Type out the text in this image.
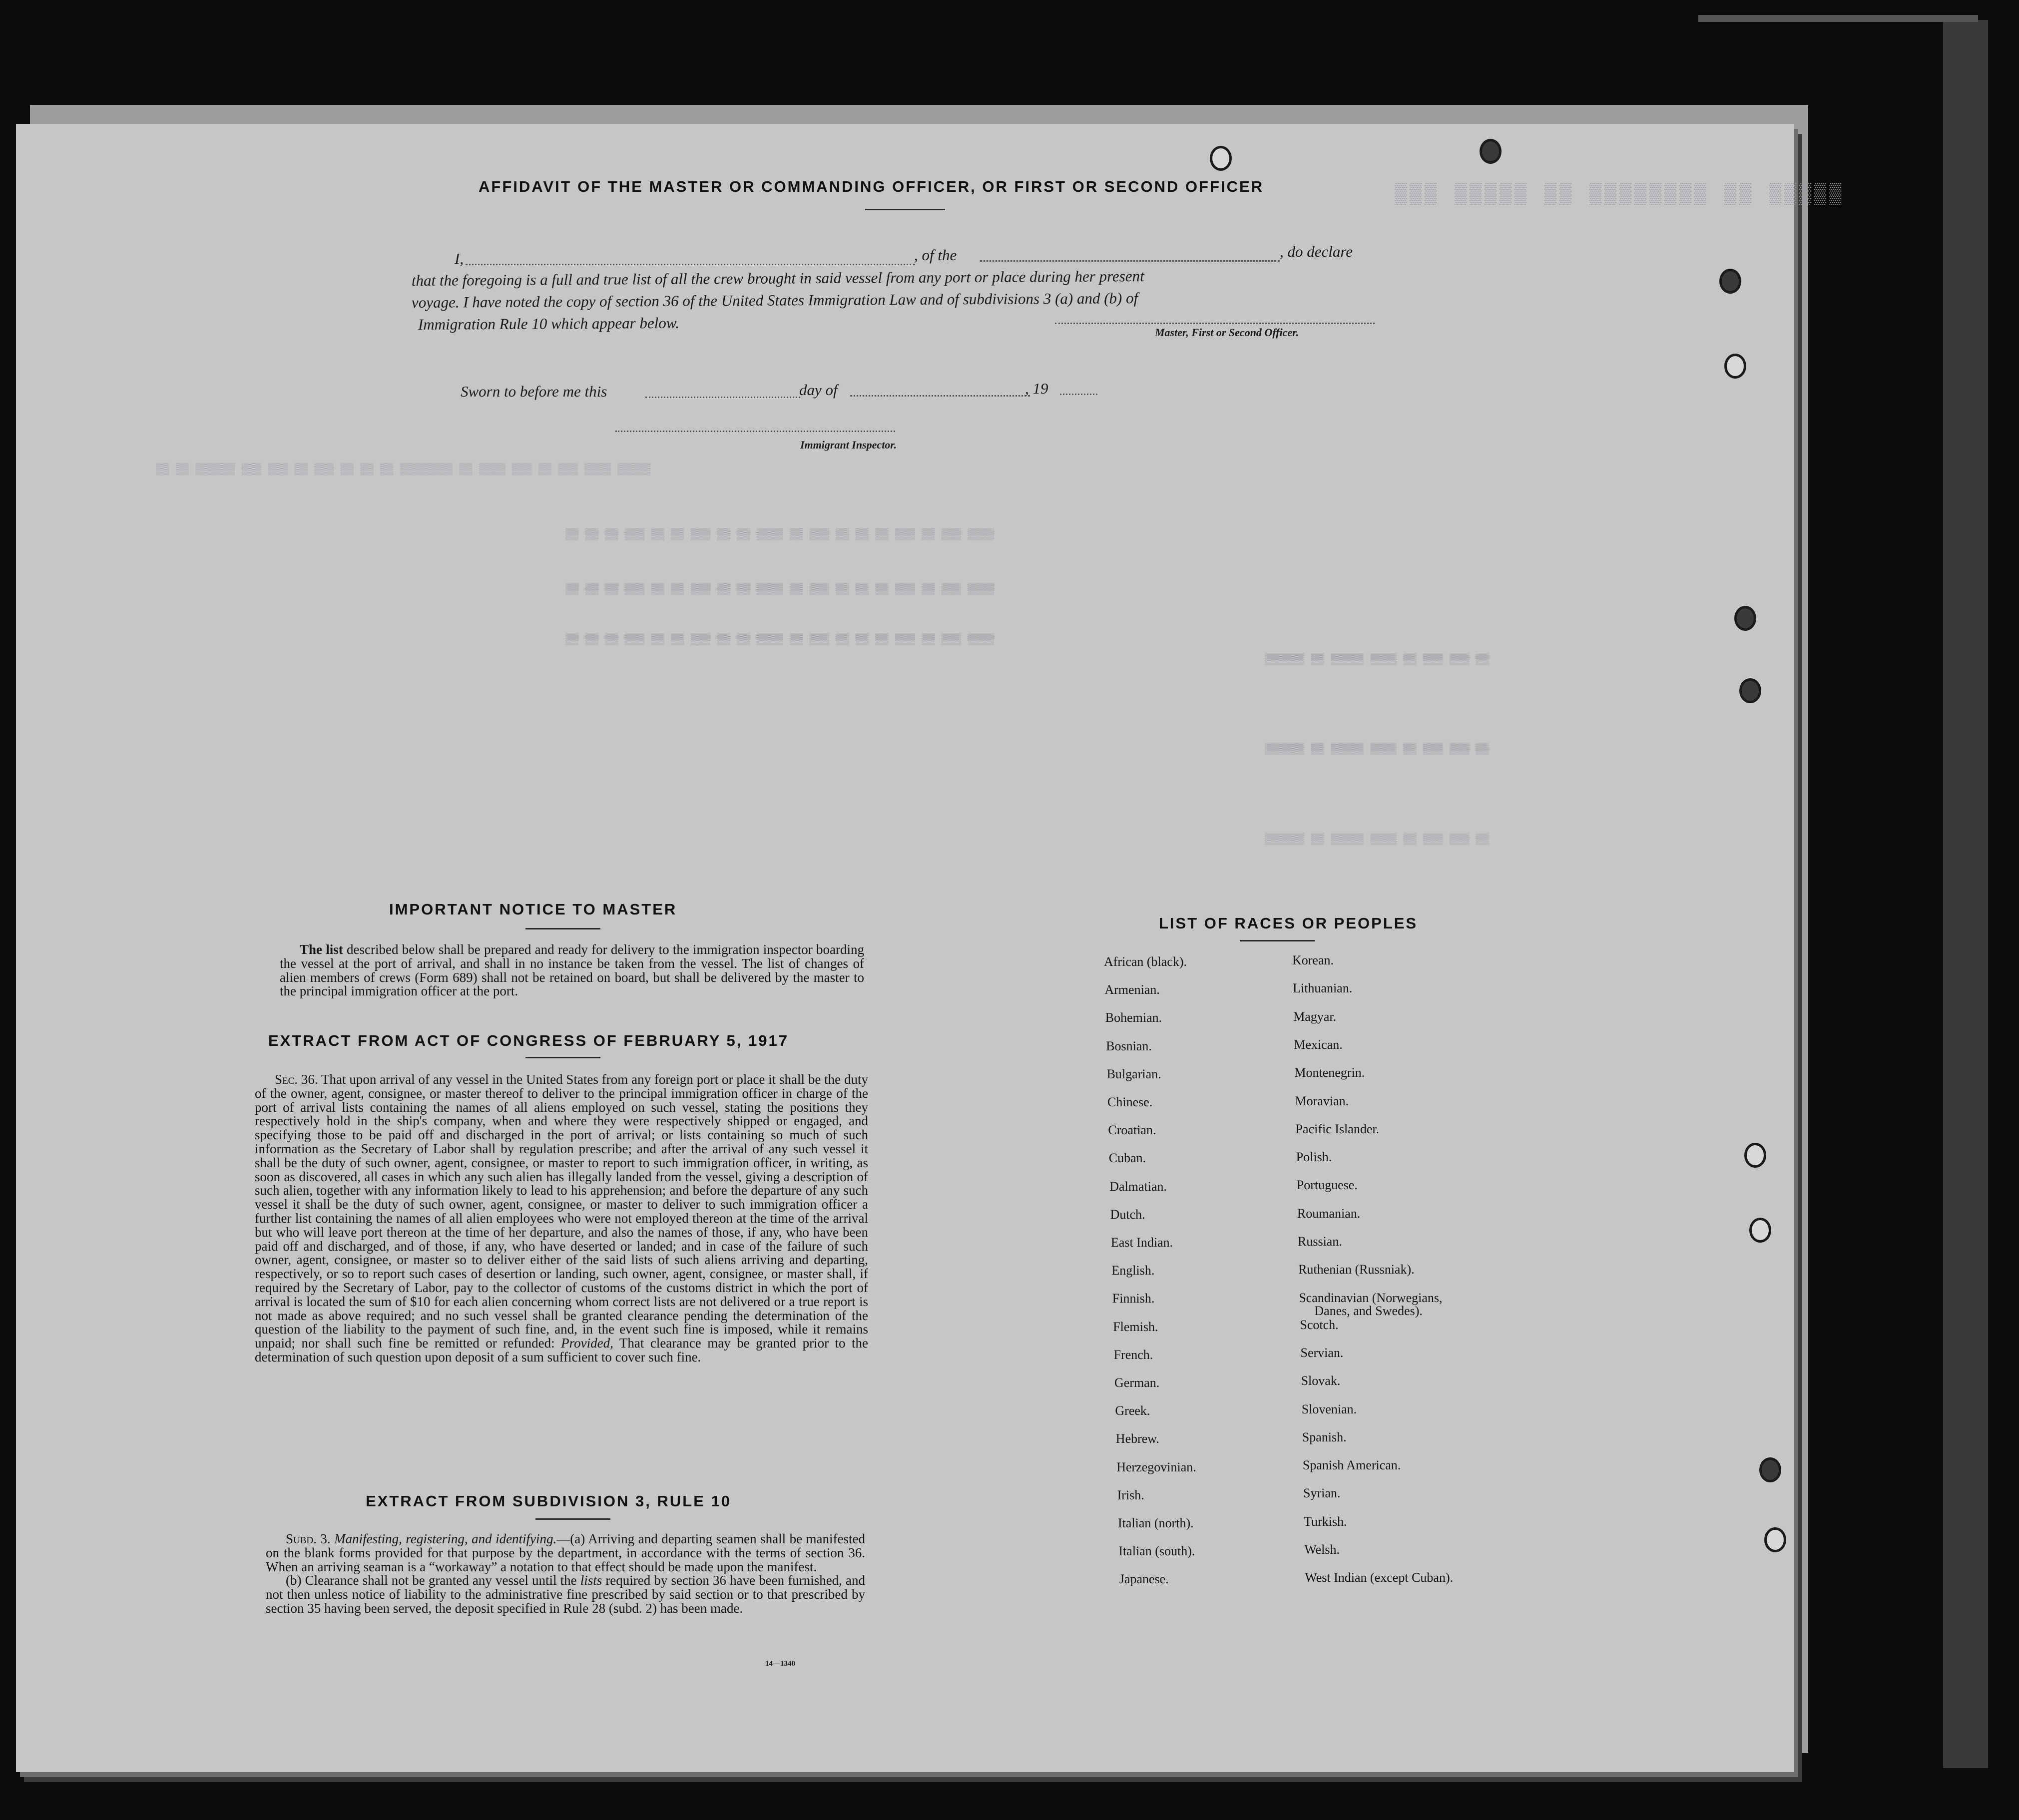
▒▒▒ ▒▒▒▒▒ ▒▒ ▒▒▒▒▒▒▒▒ ▒▒ ▒▒▒▒▒
▒▒ ▒▒ ▒▒▒▒▒▒ ▒▒▒ ▒▒▒ ▒▒ ▒▒▒ ▒▒ ▒▒ ▒▒ ▒▒▒▒▒▒▒▒ ▒▒ ▒▒▒▒ ▒▒▒ ▒▒ ▒▒▒ ▒▒▒▒ ▒▒▒▒▒
▒▒ ▒▒ ▒▒ ▒▒▒ ▒▒ ▒▒ ▒▒▒ ▒▒ ▒▒ ▒▒▒▒ ▒▒ ▒▒▒ ▒▒ ▒▒ ▒▒ ▒▒▒ ▒▒ ▒▒▒ ▒▒▒▒
▒▒ ▒▒ ▒▒ ▒▒▒ ▒▒ ▒▒ ▒▒▒ ▒▒ ▒▒ ▒▒▒▒ ▒▒ ▒▒▒ ▒▒ ▒▒ ▒▒ ▒▒▒ ▒▒ ▒▒▒ ▒▒▒▒
▒▒ ▒▒ ▒▒ ▒▒▒ ▒▒ ▒▒ ▒▒▒ ▒▒ ▒▒ ▒▒▒▒ ▒▒ ▒▒▒ ▒▒ ▒▒ ▒▒ ▒▒▒ ▒▒ ▒▒▒ ▒▒▒▒
▒▒▒▒▒▒ ▒▒ ▒▒▒▒▒ ▒▒▒▒ ▒▒ ▒▒▒ ▒▒▒ ▒▒
▒▒▒▒▒▒ ▒▒ ▒▒▒▒▒ ▒▒▒▒ ▒▒ ▒▒▒ ▒▒▒ ▒▒
▒▒▒▒▒▒ ▒▒ ▒▒▒▒▒ ▒▒▒▒ ▒▒ ▒▒▒ ▒▒▒ ▒▒
AFFIDAVIT OF THE MASTER OR COMMANDING OFFICER, OR FIRST OR SECOND OFFICER
I,	, of the	, do declare
that the foregoing is a full and true list of all the crew brought in said vessel from any port or place during her present
voyage. I have noted the copy of section 36 of the United States Immigration Law and of subdivisions 3 (a) and (b) of
Immigration Rule 10 which appear below.	Master, First or Second Officer.
Sworn to before me this	day of	, 19
Immigrant Inspector.
IMPORTANT NOTICE TO MASTER

The list described below shall be prepared and ready for delivery to the immigration inspector boarding the vessel at the port of arrival, and shall in no instance be taken from the vessel. The list of changes of alien members of crews (Form 689) shall not be retained on board, but shall be delivered by the master to the principal immigration officer at the port.

EXTRACT FROM ACT OF CONGRESS OF FEBRUARY 5, 1917

Sec. 36. That upon arrival of any vessel in the United States from any foreign port or place it shall be the duty of the owner, agent, consignee, or master thereof to deliver to the principal immigration officer in charge of the port of arrival lists containing the names of all aliens employed on such vessel, stating the positions they respectively hold in the ship's company, when and where they were respectively shipped or engaged, and specifying those to be paid off and discharged in the port of arrival; or lists containing so much of such information as the Secretary of Labor shall by regulation prescribe; and after the arrival of any such vessel it shall be the duty of such owner, agent, consignee, or master to report to such immigration officer, in writing, as soon as discovered, all cases in which any such alien has illegally landed from the vessel, giving a description of such alien, together with any information likely to lead to his apprehension; and before the departure of any such vessel it shall be the duty of such owner, agent, consignee, or master to deliver to such immigration officer a further list containing the names of all alien employees who were not employed thereon at the time of the arrival but who will leave port thereon at the time of her departure, and also the names of those, if any, who have been paid off and discharged, and of those, if any, who have deserted or landed; and in case of the failure of such owner, agent, consignee, or master so to deliver either of the said lists of such aliens arriving and departing, respectively, or so to report such cases of desertion or landing, such owner, agent, consignee, or master shall, if required by the Secretary of Labor, pay to the collector of customs of the customs district in which the port of arrival is located the sum of $10 for each alien concerning whom correct lists are not delivered or a true report is not made as above required; and no such vessel shall be granted clearance pending the determination of the question of the liability to the payment of such fine, and, in the event such fine is imposed, while it remains unpaid; nor shall such fine be remitted or refunded: Provided, That clearance may be granted prior to the determination of such question upon deposit of a sum sufficient to cover such fine.

EXTRACT FROM SUBDIVISION 3, RULE 10

Subd. 3. Manifesting, registering, and identifying.—(a) Arriving and departing seamen shall be manifested on the blank forms provided for that purpose by the department, in accordance with the terms of section 36. When an arriving seaman is a “workaway” a notation to that effect should be made upon the manifest.

(b) Clearance shall not be granted any vessel until the lists required by section 36 have been furnished, and not then unless notice of liability to the administrative fine prescribed by said section or to that prescribed by section 35 having been served, the deposit specified in Rule 28 (subd. 2) has been made.

14—1340
LIST OF RACES OR PEOPLES
African (black).
Armenian.
Bohemian.
Bosnian.
Bulgarian.
Chinese.
Croatian.
Cuban.
Dalmatian.
Dutch.
East Indian.
English.
Finnish.
Flemish.
French.
German.
Greek.
Hebrew.
Herzegovinian.
Irish.
Italian (north).
Italian (south).
Japanese.
Korean.
Lithuanian.
Magyar.
Mexican.
Montenegrin.
Moravian.
Pacific Islander.
Polish.
Portuguese.
Roumanian.
Russian.
Ruthenian (Russniak).
Scandinavian (Norwegians,
Danes, and Swedes).
Scotch.
Servian.
Slovak.
Slovenian.
Spanish.
Spanish American.
Syrian.
Turkish.
Welsh.
West Indian (except Cuban).
